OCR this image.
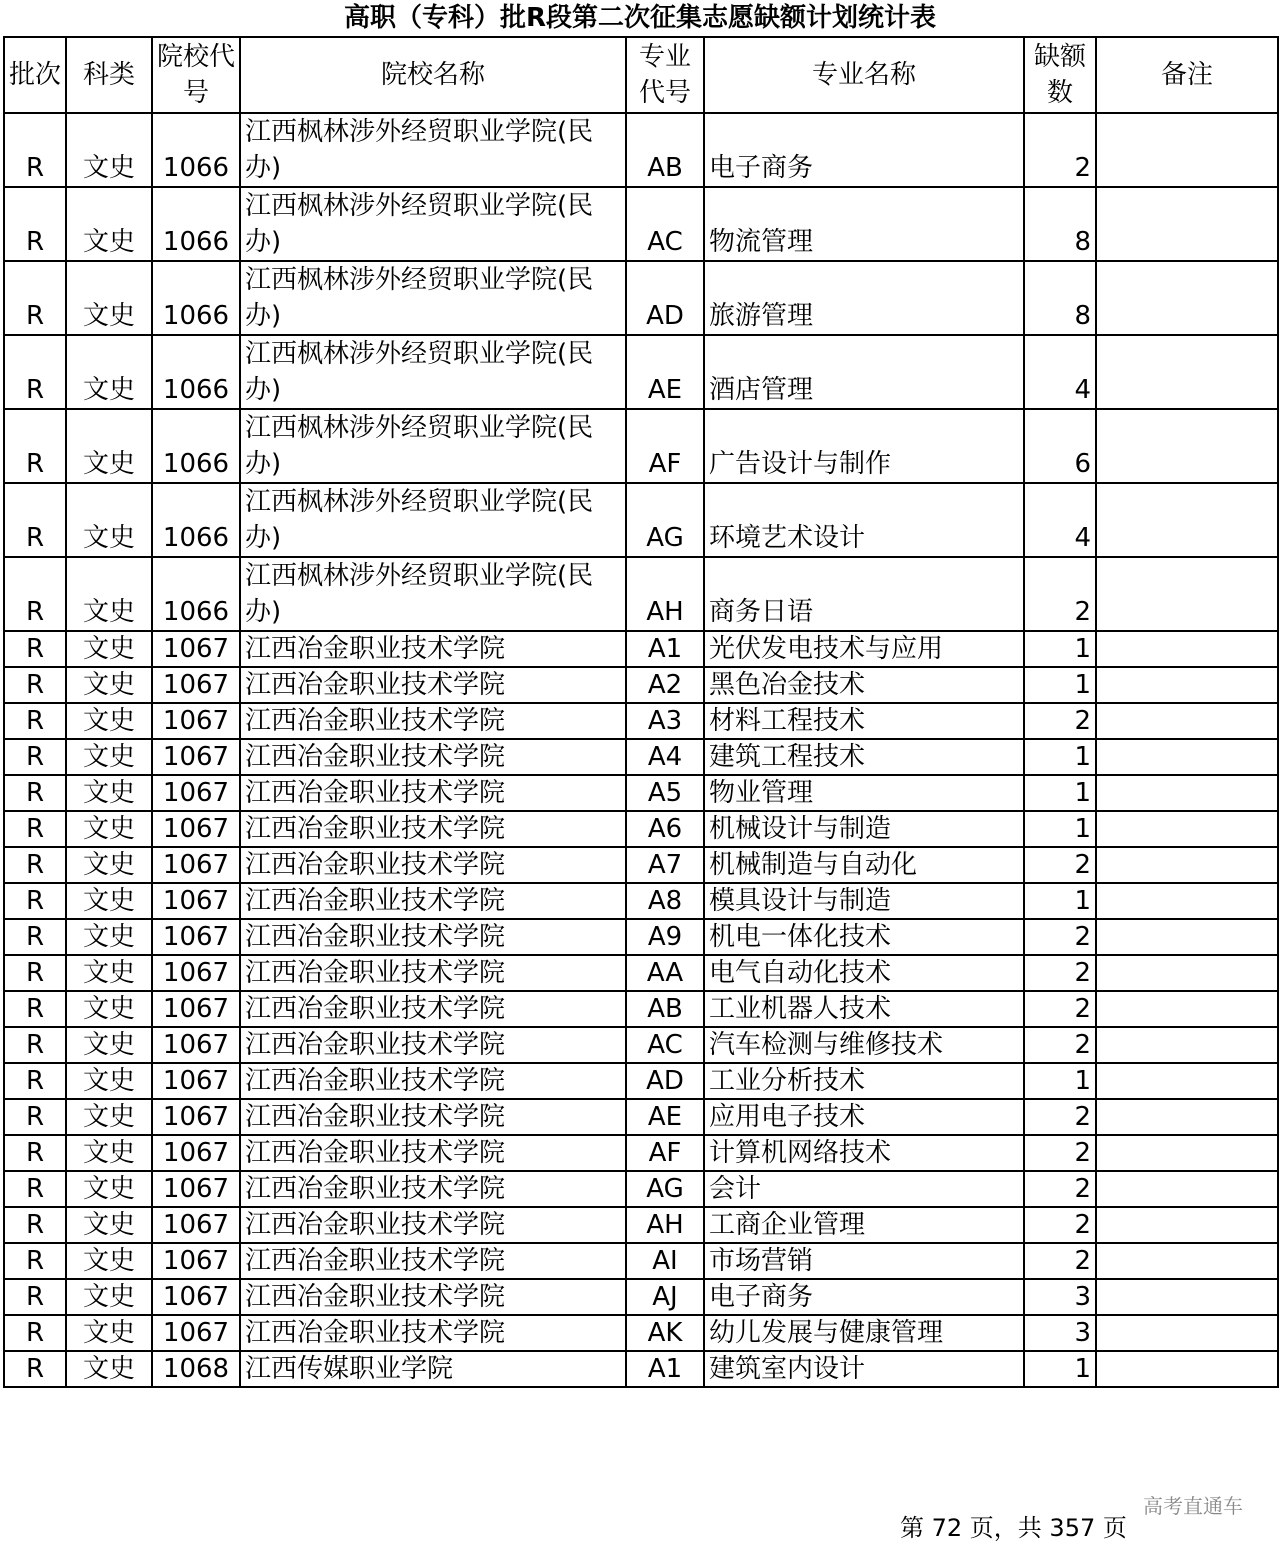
高职（专科）批R段第二次征集志愿缺额计划统计表
批次	科类	院校代号	院校名称	专业代号	专业名称	缺额数	备注
R	文史	1066	江西枫林涉外经贸职业学院(民办)	AB	电子商务	2	
R	文史	1066	江西枫林涉外经贸职业学院(民办)	AC	物流管理	8	
R	文史	1066	江西枫林涉外经贸职业学院(民办)	AD	旅游管理	8	
R	文史	1066	江西枫林涉外经贸职业学院(民办)	AE	酒店管理	4	
R	文史	1066	江西枫林涉外经贸职业学院(民办)	AF	广告设计与制作	6	
R	文史	1066	江西枫林涉外经贸职业学院(民办)	AG	环境艺术设计	4	
R	文史	1066	江西枫林涉外经贸职业学院(民办)	AH	商务日语	2	
R	文史	1067	江西冶金职业技术学院	A1	光伏发电技术与应用	1	
R	文史	1067	江西冶金职业技术学院	A2	黑色冶金技术	1	
R	文史	1067	江西冶金职业技术学院	A3	材料工程技术	2	
R	文史	1067	江西冶金职业技术学院	A4	建筑工程技术	1	
R	文史	1067	江西冶金职业技术学院	A5	物业管理	1	
R	文史	1067	江西冶金职业技术学院	A6	机械设计与制造	1	
R	文史	1067	江西冶金职业技术学院	A7	机械制造与自动化	2	
R	文史	1067	江西冶金职业技术学院	A8	模具设计与制造	1	
R	文史	1067	江西冶金职业技术学院	A9	机电一体化技术	2	
R	文史	1067	江西冶金职业技术学院	AA	电气自动化技术	2	
R	文史	1067	江西冶金职业技术学院	AB	工业机器人技术	2	
R	文史	1067	江西冶金职业技术学院	AC	汽车检测与维修技术	2	
R	文史	1067	江西冶金职业技术学院	AD	工业分析技术	1	
R	文史	1067	江西冶金职业技术学院	AE	应用电子技术	2	
R	文史	1067	江西冶金职业技术学院	AF	计算机网络技术	2	
R	文史	1067	江西冶金职业技术学院	AG	会计	2	
R	文史	1067	江西冶金职业技术学院	AH	工商企业管理	2	
R	文史	1067	江西冶金职业技术学院	AI	市场营销	2	
R	文史	1067	江西冶金职业技术学院	AJ	电子商务	3	
R	文史	1067	江西冶金职业技术学院	AK	幼儿发展与健康管理	3	
R	文史	1068	江西传媒职业学院	A1	建筑室内设计	1	
第 72 页，共 357 页
高考直通车
